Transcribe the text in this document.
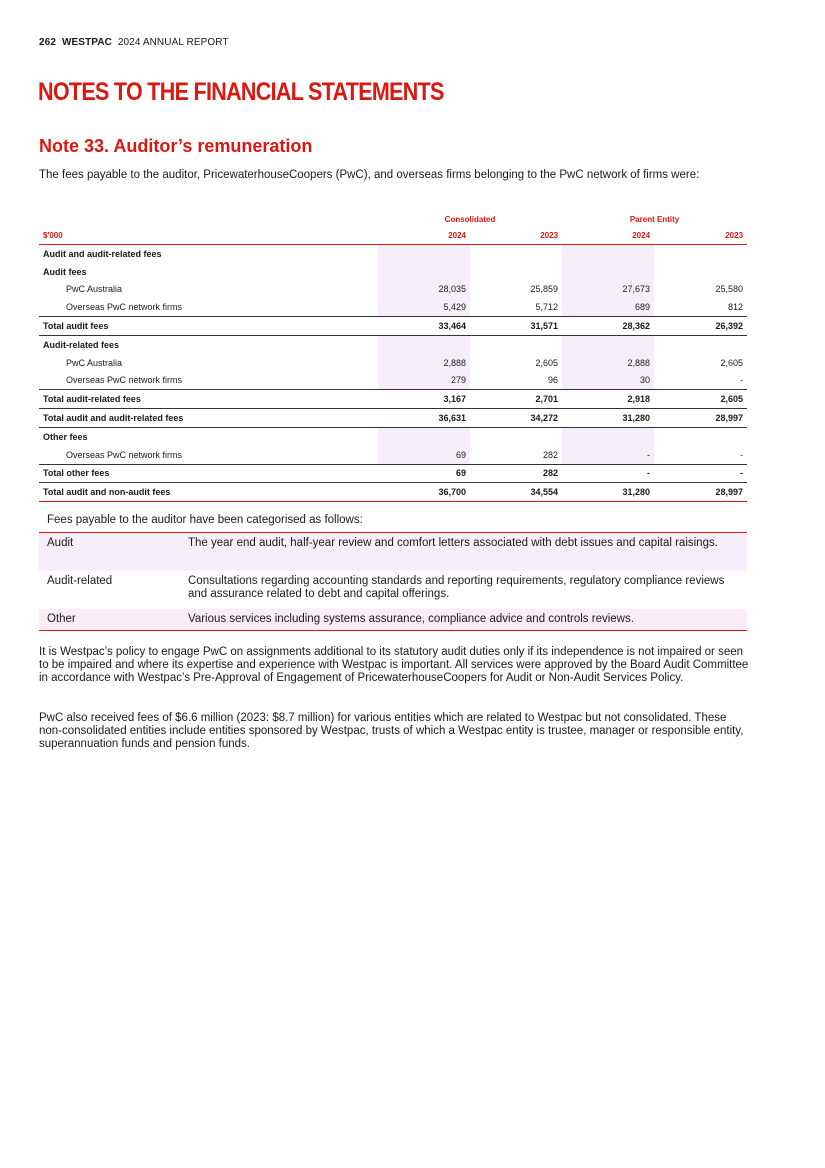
262 WESTPAC 2024 ANNUAL REPORT
NOTES TO THE FINANCIAL STATEMENTS
Note 33. Auditor’s remuneration

The fees payable to the auditor, PricewaterhouseCoopers (PwC), and overseas firms belonging to the PwC network of firms were:

	Consolidated		Parent Entity	
$'000	2024	2023	2024	2023
Audit and audit-related fees				
Audit fees				
PwC Australia	28,035	25,859	27,673	25,580
Overseas PwC network firms	5,429	5,712	689	812
Total audit fees	33,464	31,571	28,362	26,392
Audit-related fees				
PwC Australia	2,888	2,605	2,888	2,605
Overseas PwC network firms	279	96	30	-
Total audit-related fees	3,167	2,701	2,918	2,605
Total audit and audit-related fees	36,631	34,272	31,280	28,997
Other fees				
Overseas PwC network firms	69	282	-	-
Total other fees	69	282	-	-
Total audit and non-audit fees	36,700	34,554	31,280	28,997

Fees payable to the auditor have been categorised as follows:

Audit	The year end audit, half-year review and comfort letters associated with debt issues and capital raisings.
Audit-related	Consultations regarding accounting standards and reporting requirements, regulatory compliance reviews and assurance related to debt and capital offerings.
Other	Various services including systems assurance, compliance advice and controls reviews.

It is Westpac’s policy to engage PwC on assignments additional to its statutory audit duties only if its independence is not impaired or seen to be impaired and where its expertise and experience with Westpac is important. All services were approved by the Board Audit Committee in accordance with Westpac’s Pre-Approval of Engagement of PricewaterhouseCoopers for Audit or Non-Audit Services Policy.

PwC also received fees of $6.6 million (2023: $8.7 million) for various entities which are related to Westpac but not consolidated. These non-consolidated entities include entities sponsored by Westpac, trusts of which a Westpac entity is trustee, manager or responsible entity, superannuation funds and pension funds.
